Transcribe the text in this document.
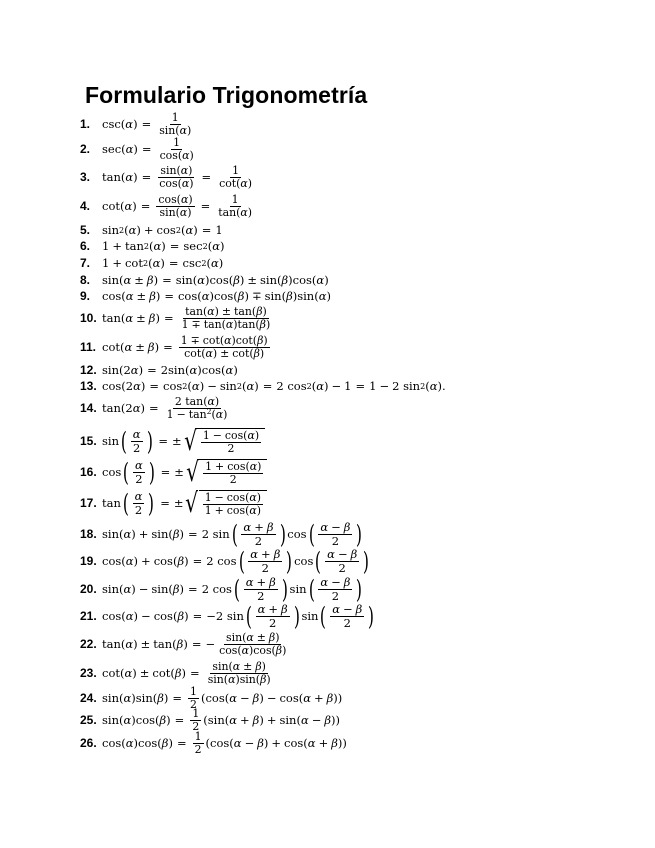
Formulario Trigonometría
1.	csc( α ) = $\frac{1}{\sin(\alpha)}$
2.	sec( α ) = $\frac{1}{\cos(\alpha)}$
3.	tan( α ) = $\frac{\sin(\alpha)}{\cos(\alpha)} = \frac{1}{\cot(\alpha)}$
4.	cot( α ) = $\frac{\cos(\alpha)}{\sin(\alpha)} = \frac{1}{\tan(\alpha)}$
5.	sin 2 ( α ) + cos 2 ( α ) = 1
6.	1 + tan 2 ( α ) = sec 2 ( α )
7.	1 + cot 2 ( α ) = csc 2 ( α )
8.	sin( α ± β ) = sin( α )cos( β ) ± sin( β )cos( α )
9.	cos( α ± β ) = cos( α )cos( β ) ∓ sin( β )sin( α )
10. tan( α ± β ) = $\frac{\tan(\alpha) \pm \tan(\beta)}{1 \mp \tan(\alpha)\tan(\beta)}$
11. cot( α ± β ) = $\frac{1 \mp \cot(\alpha)\cot(\beta)}{\cot(\alpha) \pm \cot(\beta)}$
12. sin(2 α ) = 2sin( α )cos( α )
13. cos(2 α ) = cos 2 ( α ) − sin 2 ( α ) = 2 cos 2 ( α ) − 1 = 1 − 2 sin 2 ( α ).
14. tan(2 α ) = $\frac{2 \tan(\alpha)}{1 - \tan^2(\alpha)}$
15. sin ( $\frac{\alpha}{2}$ ) = ± √ $\frac{1 - \cos(\alpha)}{2}$
16. cos ( $\frac{\alpha}{2}$ ) = ± √ $\frac{1 + \cos(\alpha)}{2}$
17. tan ( $\frac{\alpha}{2}$ ) = ± √ $\frac{1 - \cos(\alpha)}{1 + \cos(\alpha)}$
18. sin( α ) + sin( β ) = 2 sin ( $\frac{\alpha + \beta}{2}$ ) cos ( $\frac{\alpha - \beta}{2}$ )
19. cos( α ) + cos( β ) = 2 cos ( $\frac{\alpha + \beta}{2}$ ) cos ( $\frac{\alpha - \beta}{2}$ )
20. sin( α ) − sin( β ) = 2 cos ( $\frac{\alpha + \beta}{2}$ ) sin ( $\frac{\alpha - \beta}{2}$ )
21. cos( α ) − cos( β ) = −2 sin ( $\frac{\alpha + \beta}{2}$ ) sin ( $\frac{\alpha - \beta}{2}$ )
22. tan( α ) ± tan( β ) = − $\frac{\sin(\alpha \pm \beta)}{\cos(\alpha)\cos(\beta)}$
23. cot( α ) ± cot( β ) = $\frac{\sin(\alpha \pm \beta)}{\sin(\alpha)\sin(\beta)}$
24. sin( α )sin( β ) = $\frac{1}{2} (\cos$( α − β ) − cos( α + β ))
25. sin( α )cos( β ) = $\frac{1}{2} (\sin$( α + β ) + sin( α − β ))
26. cos( α )cos( β ) = $\frac{1}{2} (\cos$( α − β ) + cos( α + β ))
